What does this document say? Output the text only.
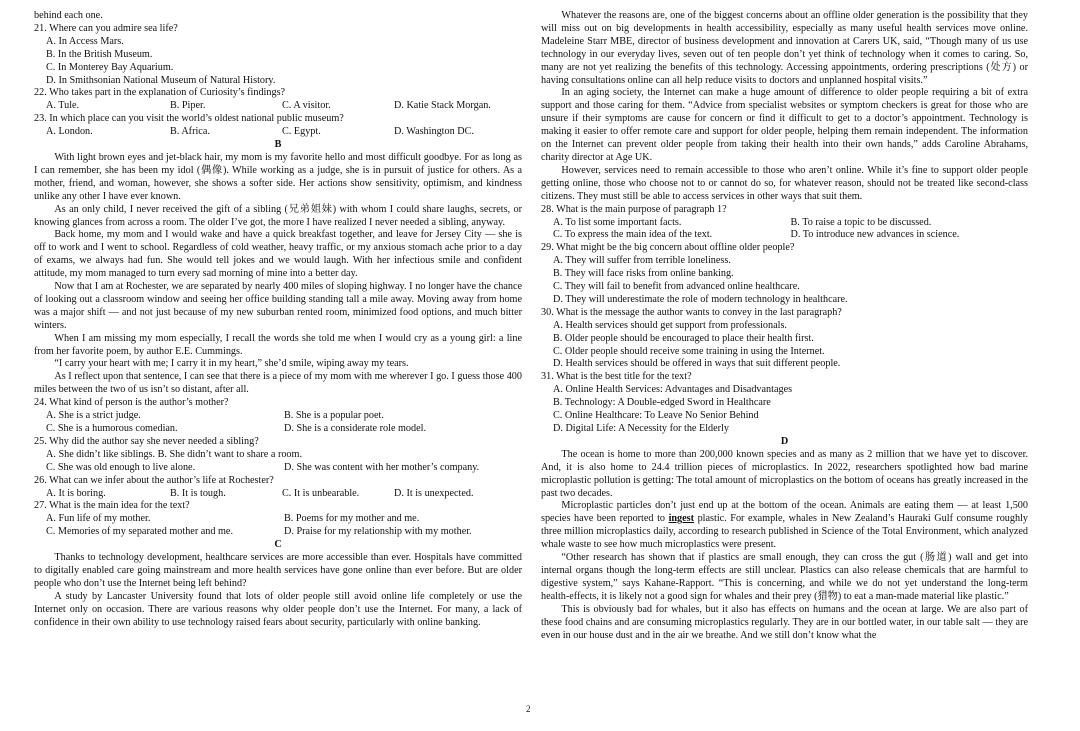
behind each one.

21. Where can you admire sea life?

A. In Access Mars.

B. In the British Museum.

C. In Monterey Bay Aquarium.

D. In Smithsonian National Museum of Natural History.

22. Who takes part in the explanation of Curiosity’s findings?

A. Tule.	B. Piper.	C. A visitor.	D. Katie Stack Morgan.

23. In which place can you visit the world’s oldest national public museum?

A. London.	B. Africa.	C. Egypt.	D. Washington DC.

B

With light brown eyes and jet-black hair, my mom is my favorite hello and most difficult goodbye. For as long as I can remember, she has been my idol (偶像). While working as a judge, she is in pursuit of justice for others. As a mother, friend, and woman, however, she shows a softer side. Her actions show sensitivity, optimism, and kindness unlike any other I have ever known.

As an only child, I never received the gift of a sibling (兄弟姐妹) with whom I could share laughs, secrets, or knowing glances from across a room. The older I’ve got, the more I have realized I never needed a sibling, anyway.

Back home, my mom and I would wake and have a quick breakfast together, and leave for Jersey City — she is off to work and I went to school. Regardless of cold weather, heavy traffic, or my anxious stomach ache prior to a day of exams, we always had fun. She would tell jokes and we would laugh. With her infectious smile and confident attitude, my mom managed to turn every sad morning of mine into a better day.

Now that I am at Rochester, we are separated by nearly 400 miles of sloping highway. I no longer have the chance of looking out a classroom window and seeing her office building standing tall a mile away. Moving away from home was a major shift — and not just because of my new suburban rented room, minimized food options, and much bitter winters.

When I am missing my mom especially, I recall the words she told me when I would cry as a young girl: a line from her favorite poem, by author E.E. Cummings.

“I carry your heart with me; I carry it in my heart,” she’d smile, wiping away my tears.

As I reflect upon that sentence, I can see that there is a piece of my mom with me wherever I go. I guess those 400 miles between the two of us isn’t so distant, after all.

24. What kind of person is the author’s mother?

A. She is a strict judge.	B. She is a popular poet.
C. She is a humorous comedian.	D. She is a considerate role model.

25. Why did the author say she never needed a sibling?

A. She didn’t like siblings. B. She didn’t want to share a room.

C. She was old enough to live alone.	D. She was content with her mother’s company.

26. What can we infer about the author’s life at Rochester?

A. It is boring.	B. It is tough.	C. It is unbearable.	D. It is unexpected.

27. What is the main idea for the text?

A. Fun life of my mother.	B. Poems for my mother and me.
C. Memories of my separated mother and me.	D. Praise for my relationship with my mother.

C

Thanks to technology development, healthcare services are more accessible than ever. Hospitals have committed to digitally enabled care going mainstream and more health services have gone online than ever before. But are older people who don’t use the Internet being left behind?

A study by Lancaster University found that lots of older people still avoid online life completely or use the Internet only on occasion. There are various reasons why older people don’t use the Internet. For many, a lack of confidence in their own ability to use technology raised fears about security, particularly with online banking.

Whatever the reasons are, one of the biggest concerns about an offline older generation is the possibility that they will miss out on big developments in health accessibility, especially as many useful health services move online. Madeleine Starr MBE, director of business development and innovation at Carers UK, said, “Though many of us use technology in our everyday lives, seven out of ten people don’t yet think of technology when it comes to caring. So, many are not yet realizing the benefits of this technology. Accessing appointments, ordering prescriptions (处方) or having consultations online can all help reduce visits to doctors and unplanned hospital visits.”

In an aging society, the Internet can make a huge amount of difference to older people requiring a bit of extra support and those caring for them. “Advice from specialist websites or symptom checkers is great for those who are unsure if their symptoms are cause for concern or find it difficult to get to a doctor’s appointment. Technology is making it easier to offer remote care and support for older people, helping them remain independent. The information on the Internet can prevent older people from taking their health into their own hands,” adds Caroline Abrahams, charity director at Age UK.

However, services need to remain accessible to those who aren’t online. While it’s fine to support older people getting online, those who choose not to or cannot do so, for whatever reason, should not be treated like second-class citizens. They must still be able to access services in other ways that suit them.

28. What is the main purpose of paragraph 1?

A. To list some important facts.	B. To raise a topic to be discussed.
C. To express the main idea of the text.	D. To introduce new advances in science.

29. What might be the big concern about offline older people?

A. They will suffer from terrible loneliness.

B. They will face risks from online banking.

C. They will fail to benefit from advanced online healthcare.

D. They will underestimate the role of modern technology in healthcare.

30. What is the message the author wants to convey in the last paragraph?

A. Health services should get support from professionals.

B. Older people should be encouraged to place their health first.

C. Older people should receive some training in using the Internet.

D. Health services should be offered in ways that suit different people.

31. What is the best title for the text?

A. Online Health Services: Advantages and Disadvantages

B. Technology: A Double-edged Sword in Healthcare

C. Online Healthcare: To Leave No Senior Behind

D. Digital Life: A Necessity for the Elderly

D

The ocean is home to more than 200,000 known species and as many as 2 million that we have yet to discover. And, it is also home to 24.4 trillion pieces of microplastics. In 2022, researchers spotlighted how bad marine microplastic pollution is getting: The total amount of microplastics on the bottom of oceans has greatly increased in the past two decades.

Microplastic particles don’t just end up at the bottom of the ocean. Animals are eating them — at least 1,500 species have been reported to ingest plastic. For example, whales in New Zealand’s Hauraki Gulf consume roughly three million microplastics daily, according to research published in Science of the Total Environment, which analyzed whale waste to see how much microplastics were present.

“Other research has shown that if plastics are small enough, they can cross the gut (肠道) wall and get into internal organs though the long-term effects are still unclear. Plastics can also release chemicals that are harmful to digestive system,” says Kahane-Rapport. “This is concerning, and while we do not yet understand the long-term health-effects, it is likely not a good sign for whales and their prey (猎物) to eat a man-made material like plastic.”

This is obviously bad for whales, but it also has effects on humans and the ocean at large. We are also part of these food chains and are consuming microplastics regularly. They are in our bottled water, in our table salt — they are even in our house dust and in the air we breathe. And we still don’t know what the

2
